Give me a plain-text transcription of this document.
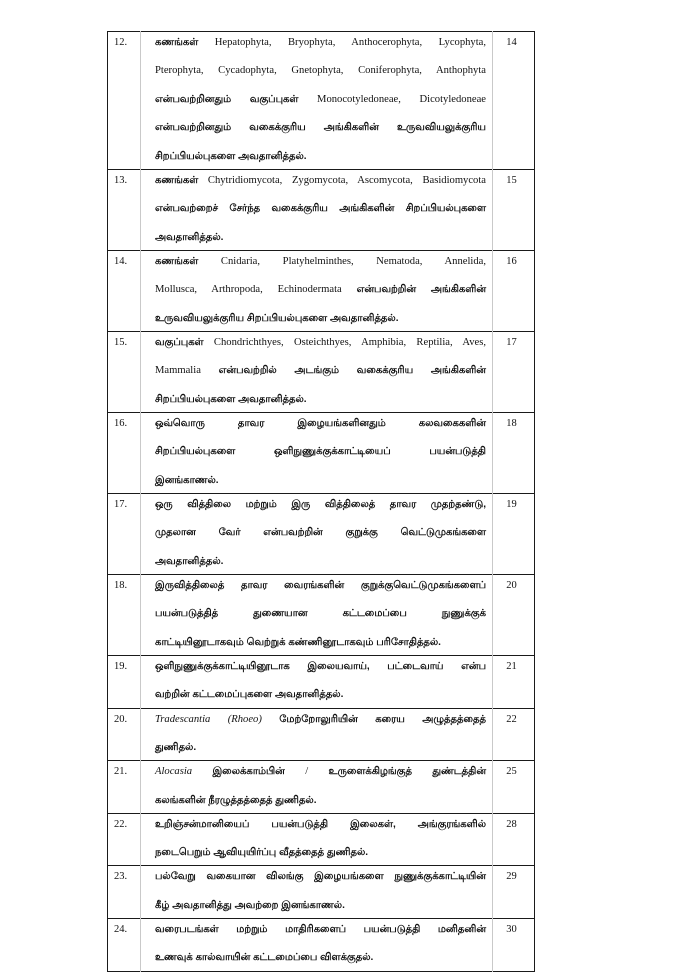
12.	கணங்கள் Hepatophyta, Bryophyta, Anthocerophyta, Lycophyta,
Pterophyta, Cycadophyta, Gnetophyta, Coniferophyta, Anthophyta
என்பவற்றினதும் வகுப்புகள் Monocotyledoneae, Dicotyledoneae
என்பவற்றினதும் வகைக்குரிய அங்கிகளின் உருவவியலுக்குரிய
சிறப்பியல்புகளை அவதானித்தல்.	14
13.	கணங்கள் Chytridiomycota, Zygomycota, Ascomycota, Basidiomycota
என்பவற்றைச் சேர்ந்த வகைக்குரிய அங்கிகளின் சிறப்பியல்புகளை
அவதானித்தல்.	15
14.	கணங்கள் Cnidaria, Platyhelminthes, Nematoda, Annelida,
Mollusca, Arthropoda, Echinodermata என்பவற்றின் அங்கிகளின்
உருவவியலுக்குரிய சிறப்பியல்புகளை அவதானித்தல்.	16
15.	வகுப்புகள் Chondrichthyes, Osteichthyes, Amphibia, Reptilia, Aves,
Mammalia என்பவற்றில் அடங்கும் வகைக்குரிய அங்கிகளின்
சிறப்பியல்புகளை அவதானித்தல்.	17
16.	ஒவ்வொரு தாவர இழையங்களினதும் கலவகைகளின்
சிறப்பியல்புகளை ஒளிநுணுக்குக்காட்டியைப் பயன்படுத்தி
இனங்காணல்.	18
17.	ஒரு வித்திலை மற்றும் இரு வித்திலைத் தாவர முதற்தண்டு,
முதலான வேர் என்பவற்றின் குறுக்கு வெட்டுமுகங்களை
அவதானித்தல்.	19
18.	இருவித்திலைத் தாவர வைரங்களின் குறுக்குவெட்டுமுகங்களைப்
பயன்படுத்தித் துணையான கட்டமைப்பை நுணுக்குக்
காட்டியினூடாகவும் வெற்றுக் கண்ணினூடாகவும் பரிசோதித்தல்.	20
19.	ஒளிநுணுக்குக்காட்டியினூடாக இலையவாய், பட்டைவாய் என்ப
வற்றின் கட்டமைப்புகளை அவதானித்தல்.	21
20.	Tradescantia (Rhoeo) மேற்றோலுரியின் கரைய அழுத்தத்தைத்
துணிதல்.	22
21.	Alocasia இலைக்காம்பின் / உருளைக்கிழங்குத் துண்டத்தின்
கலங்களின் நீரழுத்தத்தைத் துணிதல்.	25
22.	உறிஞ்சன்மானியைப் பயன்படுத்தி இலைகள், அங்குரங்களில்
நடைபெறும் ஆவியுயிர்ப்பு வீதத்தைத் துணிதல்.	28
23.	பல்வேறு வகையான விலங்கு இழையங்களை நுணுக்குக்காட்டியின்
கீழ் அவதானித்து அவற்றை இனங்காணல்.	29
24.	வரைபடங்கள் மற்றும் மாதிரிகளைப் பயன்படுத்தி மனிதனின்
உணவுக் கால்வாயின் கட்டமைப்பை விளக்குதல்.	30
